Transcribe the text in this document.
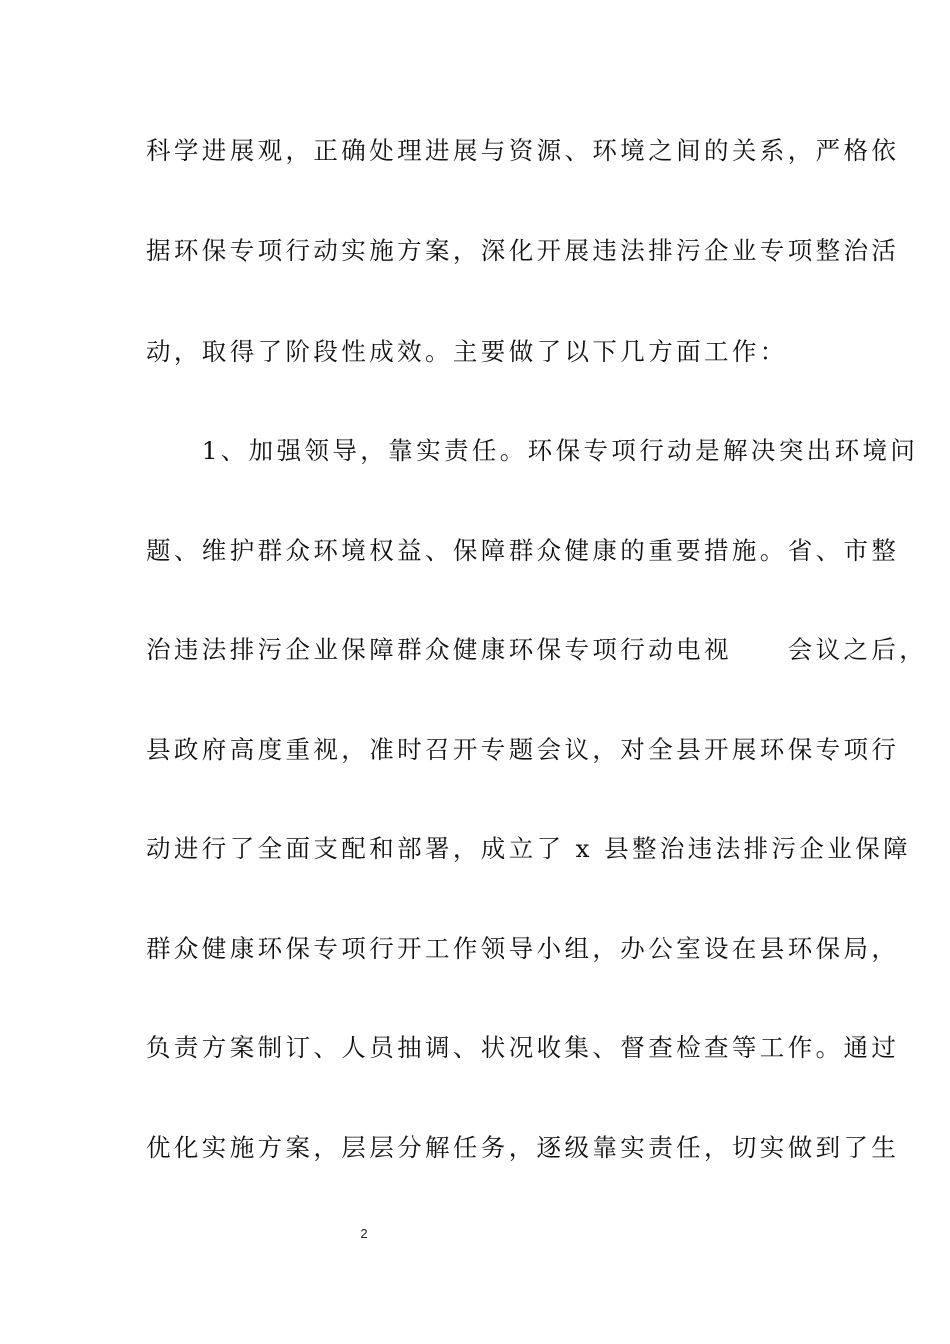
科学进展观，正确处理进展与资源、环境之间的关系，严格依
据环保专项行动实施方案，深化开展违法排污企业专项整治活
动，取得了阶段性成效。主要做了以下几方面工作：
　　1、加强领导，靠实责任。环保专项行动是解决突出环境问
题、维护群众环境权益、保障群众健康的重要措施。省、市整
治违法排污企业保障群众健康环保专项行动电视　　会议之后，
县政府高度重视，准时召开专题会议，对全县开展环保专项行
动进行了全面支配和部署，成立了 x 县整治违法排污企业保障
群众健康环保专项行开工作领导小组，办公室设在县环保局，
负责方案制订、人员抽调、状况收集、督查检查等工作。通过
优化实施方案，层层分解任务，逐级靠实责任，切实做到了生
2
